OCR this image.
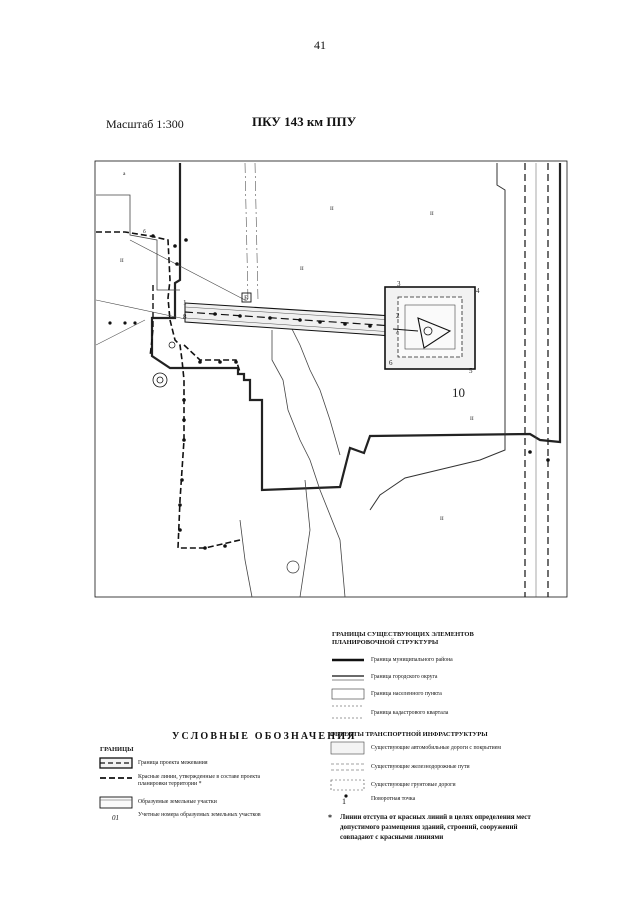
41
Масштаб 1:300	ПКУ 143 км ППУ
1
2
3
4
5
6
7
8
10
Б
а
II
II
II
II
II
II
б
ГРАНИЦЫ СУЩЕСТВУЮЩИХ ЭЛЕМЕНТОВ
ПЛАНИРОВОЧНОЙ СТРУКТУРЫ
Граница муниципального района
Граница городского округа
Граница населенного пункта
Граница кадастрового квартала
УСЛОВНЫЕ ОБОЗНАЧЕНИЯ
ГРАНИЦЫ
Граница проекта межевания
Красные линии, утвержденные в составе проекта планировки территории *
Образуемые земельные участки
Учетные номера образуемых земельных участков
01
ОБЪЕКТЫ ТРАНСПОРТНОЙ ИНФРАСТРУКТУРЫ
Существующие автомобильные дороги с покрытием
Существующие железнодорожные пути
Существующие грунтовые дороги
Поворотная точка
1
* Линии отступа от красных линий в целях определения мест
допустимого размещения зданий, строений, сооружений
совпадают с красными линиями
